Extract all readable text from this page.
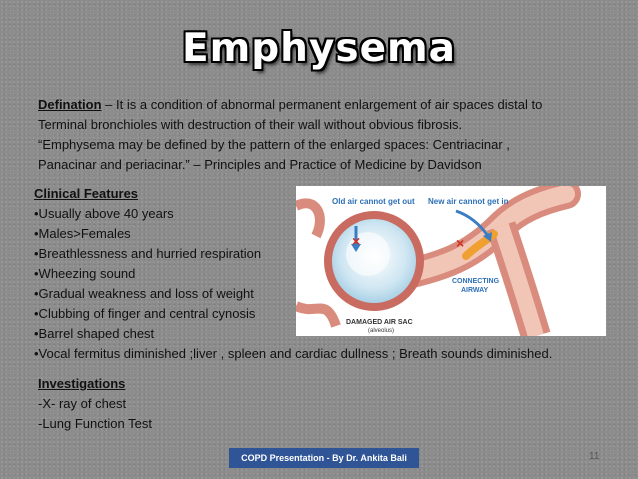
Emphysema

Defination – It is a condition of abnormal permanent enlargement of air spaces distal to

Terminal bronchioles with destruction of their wall without obvious fibrosis.

“Emphysema may be defined by the pattern of the enlarged spaces: Centriacinar ,

Panacinar and periacinar.” – Principles and Practice of Medicine by Davidson

Clinical Features
•Usually above 40 years
•Males>Females
•Breathlessness and hurried respiration
•Wheezing sound
•Gradual weakness and loss of weight
•Clubbing of finger and central cynosis
•Barrel shaped chest
•Vocal fermitus diminished ;liver , spleen and cardiac dullness ; Breath sounds diminished.
×	×
Old air cannot get out New air cannot get in
CONNECTING
AIRWAY
DAMAGED AIR SAC
(alveolus)
Investigations
-X- ray of chest
-Lung Function Test
COPD Presentation - By Dr. Ankita Bali	11
